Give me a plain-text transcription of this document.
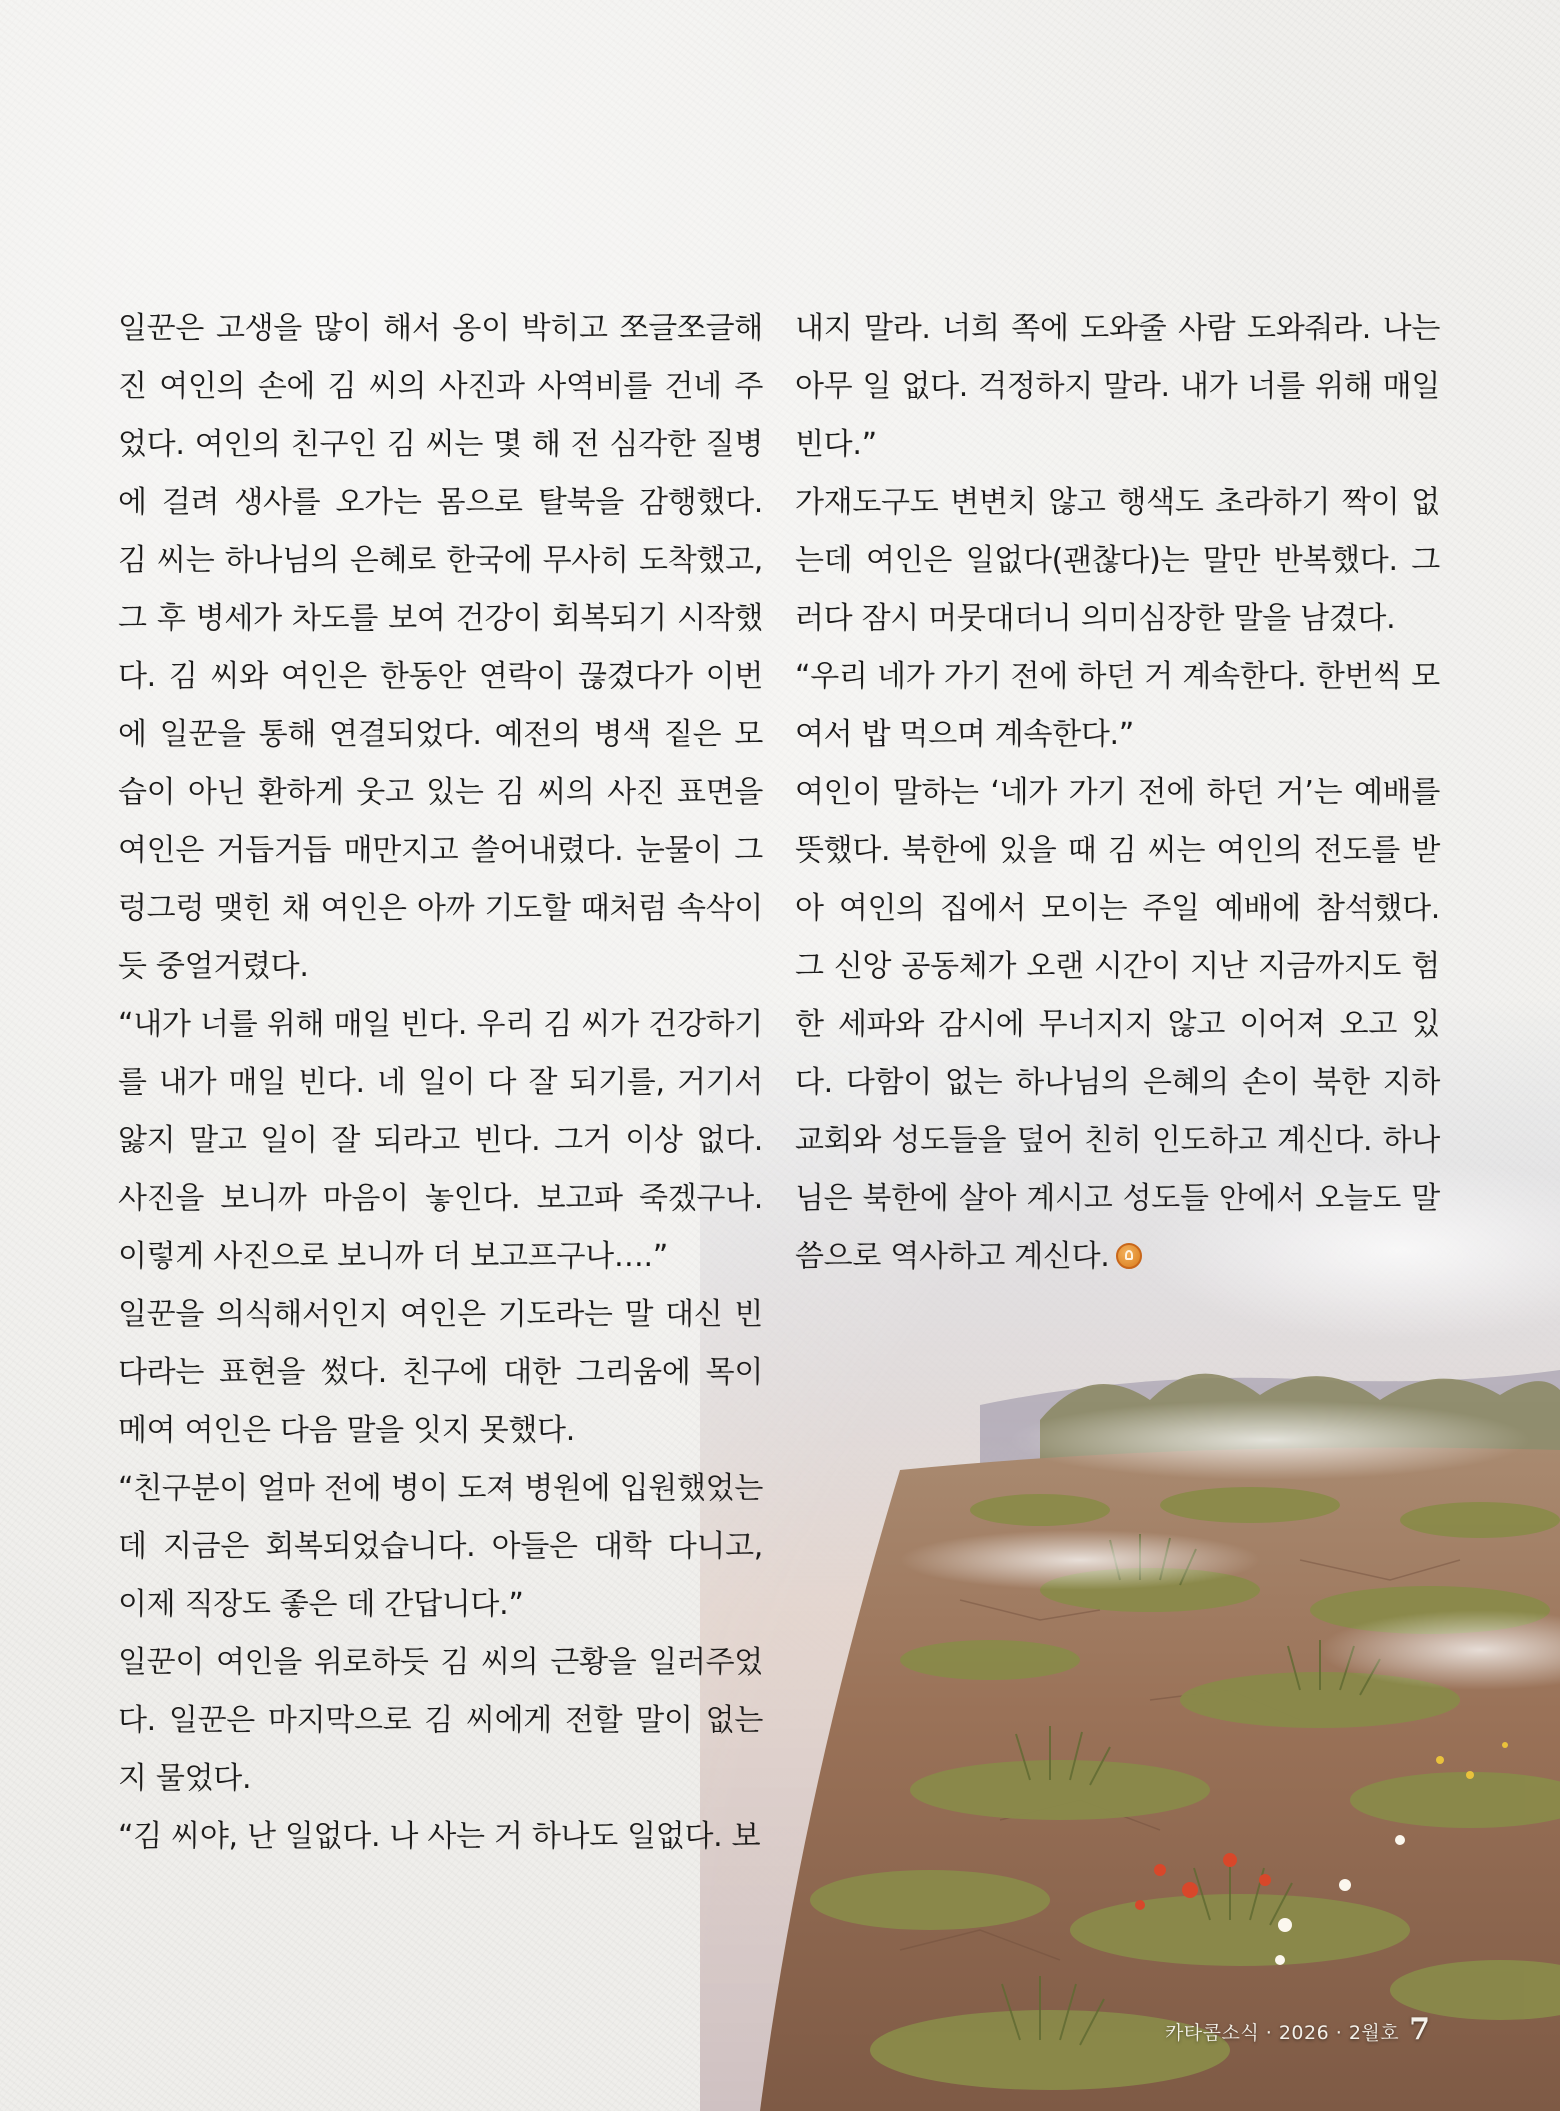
일꾼은 고생을 많이 해서 옹이 박히고 쪼글쪼글해진 여인의 손에 김 씨의 사진과 사역비를 건네 주었다. 여인의 친구인 김 씨는 몇 해 전 심각한 질병에 걸려 생사를 오가는 몸으로 탈북을 감행했다. 김 씨는 하나님의 은혜로 한국에 무사히 도착했고, 그 후 병세가 차도를 보여 건강이 회복되기 시작했다. 김 씨와 여인은 한동안 연락이 끊겼다가 이번에 일꾼을 통해 연결되었다. 예전의 병색 짙은 모습이 아닌 환하게 웃고 있는 김 씨의 사진 표면을 여인은 거듭거듭 매만지고 쓸어내렸다. 눈물이 그렁그렁 맺힌 채 여인은 아까 기도할 때처럼 속삭이듯 중얼거렸다.

“내가 너를 위해 매일 빈다. 우리 김 씨가 건강하기를 내가 매일 빈다. 네 일이 다 잘 되기를, 거기서 앓지 말고 일이 잘 되라고 빈다. 그거 이상 없다. 사진을 보니까 마음이 놓인다. 보고파 죽겠구나. 이렇게 사진으로 보니까 더 보고프구나….”

일꾼을 의식해서인지 여인은 기도라는 말 대신 빈다라는 표현을 썼다. 친구에 대한 그리움에 목이 메여 여인은 다음 말을 잇지 못했다.

“친구분이 얼마 전에 병이 도져 병원에 입원했었는데 지금은 회복되었습니다. 아들은 대학 다니고, 이제 직장도 좋은 데 간답니다.”

일꾼이 여인을 위로하듯 김 씨의 근황을 일러주었다. 일꾼은 마지막으로 김 씨에게 전할 말이 없는지 물었다.

“김 씨야, 난 일없다. 나 사는 거 하나도 일없다. 보

내지 말라. 너희 쪽에 도와줄 사람 도와줘라. 나는 아무 일 없다. 걱정하지 말라. 내가 너를 위해 매일 빈다.”

가재도구도 변변치 않고 행색도 초라하기 짝이 없는데 여인은 일없다(괜찮다)는 말만 반복했다. 그러다 잠시 머뭇대더니 의미심장한 말을 남겼다.

“우리 네가 가기 전에 하던 거 계속한다. 한번씩 모여서 밥 먹으며 계속한다.”

여인이 말하는 ‘네가 가기 전에 하던 거’는 예배를 뜻했다. 북한에 있을 때 김 씨는 여인의 전도를 받아 여인의 집에서 모이는 주일 예배에 참석했다. 그 신앙 공동체가 오랜 시간이 지난 지금까지도 험한 세파와 감시에 무너지지 않고 이어져 오고 있다. 다함이 없는 하나님의 은혜의 손이 북한 지하교회와 성도들을 덮어 친히 인도하고 계신다. 하나님은 북한에 살아 계시고 성도들 안에서 오늘도 말씀으로 역사하고 계신다.

카타콤소식 · 2026 · 2월호 7
